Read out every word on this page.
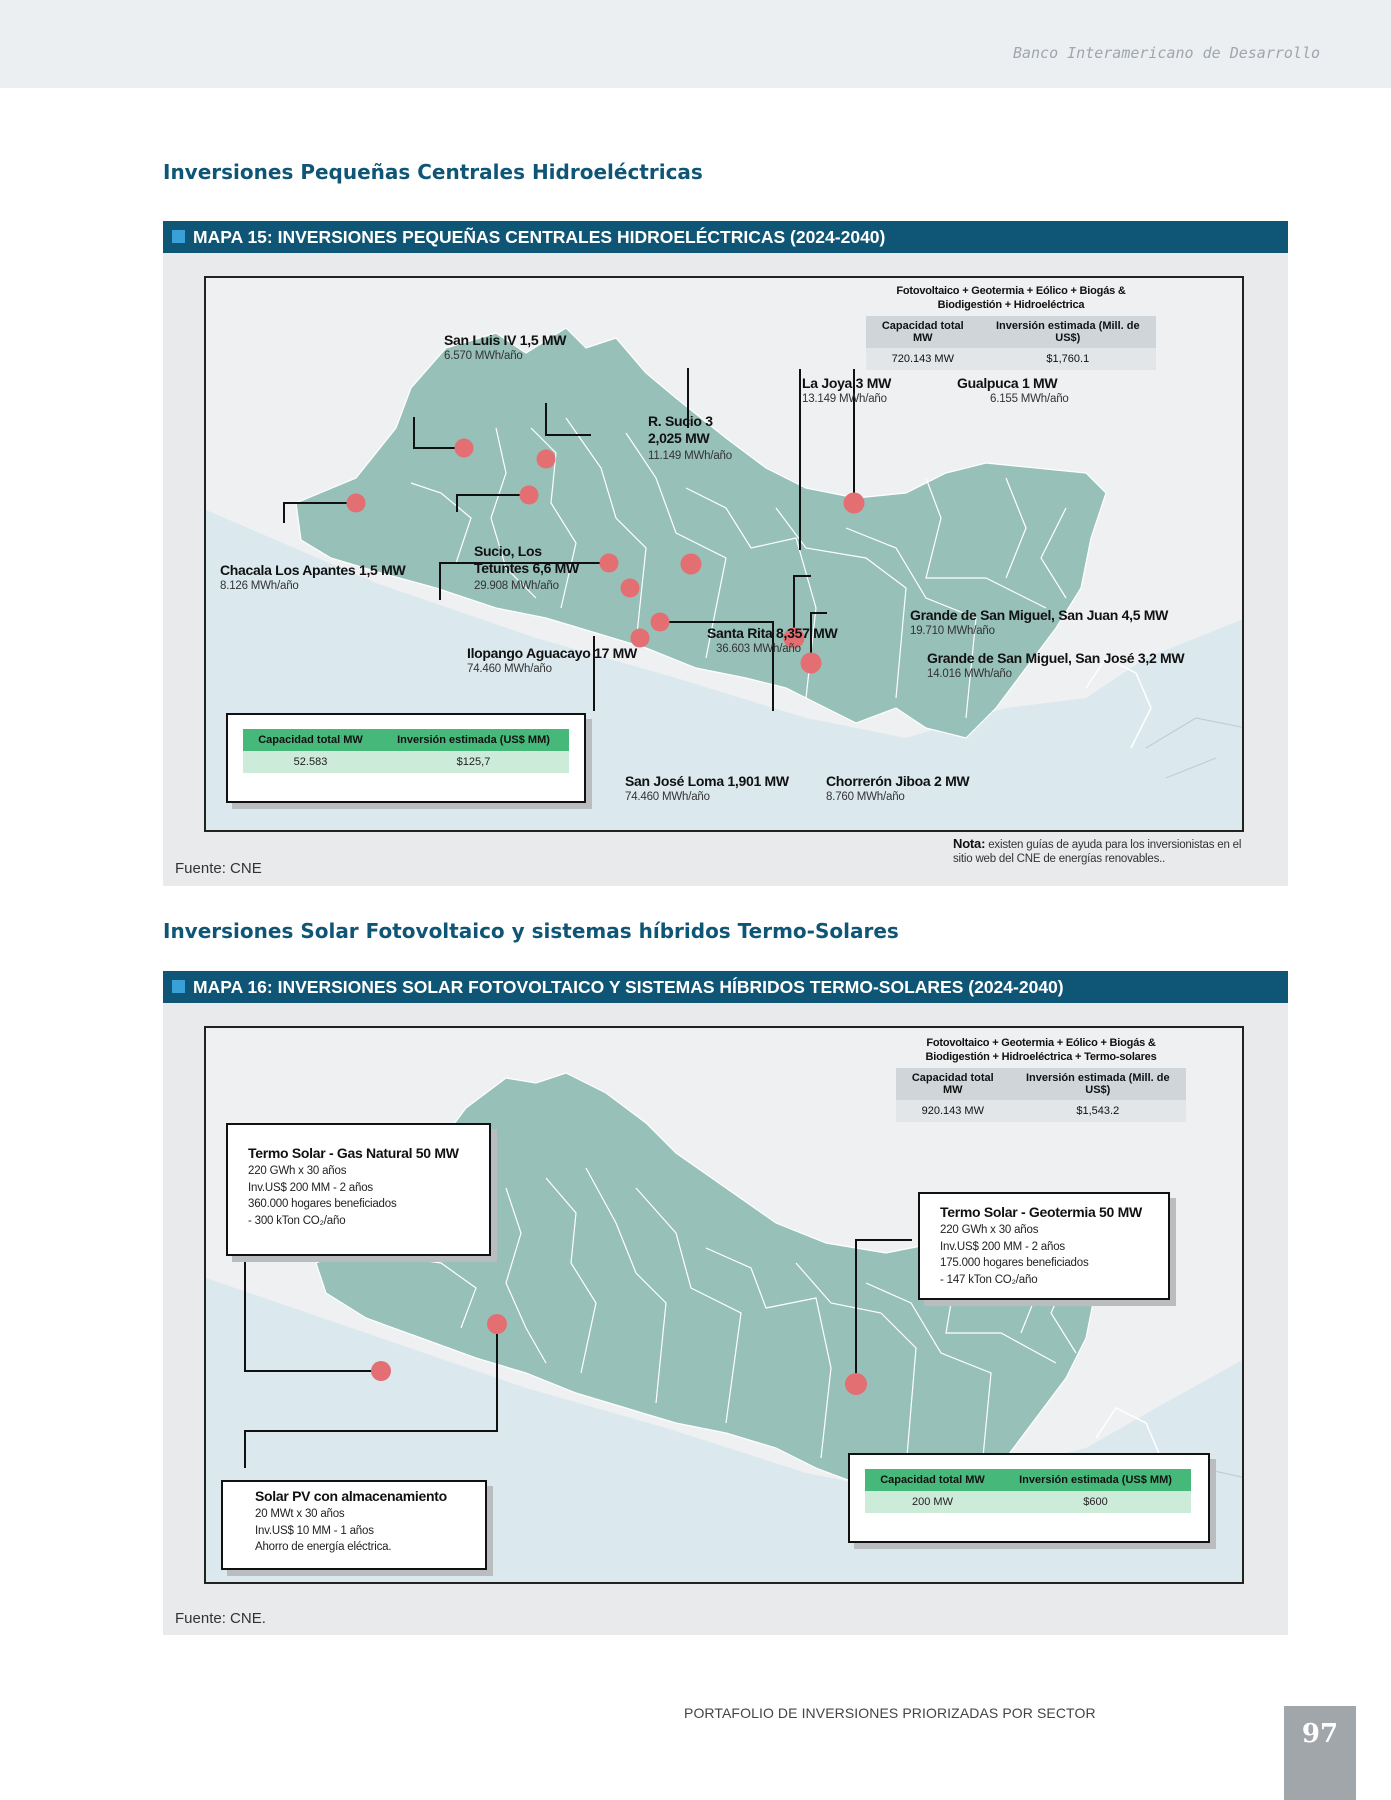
Banco Interamericano de Desarrollo
Inversiones Pequeñas Centrales Hidroeléctricas
MAPA 15: INVERSIONES PEQUEÑAS CENTRALES HIDROELÉCTRICAS (2024-2040)
Fotovoltaico + Geotermia + Eólico + Biogás & Biodigestión + Hidroeléctrica
Capacidad total MW	Inversión estimada (Mill. de US$)
720.143 MW	$1,760.1
San Luis IV 1,5 MW
6.570 MWh/año
La Joya 3 MW
13.149 MWh/año
Gualpuca 1 MW
6.155 MWh/año
R. Sucio 3 2,025 MW
11.149 MWh/año
Chacala Los Apantes 1,5 MW
8.126 MWh/año
Sucio, Los Tetuntes 6,6 MW
29.908 MWh/año
Grande de San Miguel, San Juan 4,5 MW
19.710 MWh/año
Santa Rita 8,357 MW
36.603 MWh/año
Ilopango Aguacayo 17 MW
74.460 MWh/año
Grande de San Miguel, San José 3,2 MW
14.016 MWh/año
San José Loma 1,901 MW
74.460 MWh/año
Chorrerón Jiboa 2 MW
8.760 MWh/año
Capacidad total MW	Inversión estimada (US$ MM)
52.583	$125,7
Nota: existen guías de ayuda para los inversionistas en el sitio web del CNE de energías renovables..
Fuente: CNE
Inversiones Solar Fotovoltaico y sistemas híbridos Termo-Solares
MAPA 16: INVERSIONES SOLAR FOTOVOLTAICO Y SISTEMAS HÍBRIDOS TERMO-SOLARES (2024-2040)
Fotovoltaico + Geotermia + Eólico + Biogás & Biodigestión + Hidroeléctrica + Termo-solares
Capacidad total MW	Inversión estimada (Mill. de US$)
920.143 MW	$1,543.2
Termo Solar - Gas Natural 50 MW
220 GWh x 30 años
Inv.US$ 200 MM - 2 años
360.000 hogares beneficiados
- 300 kTon CO₂/año
Termo Solar - Geotermia 50 MW
220 GWh x 30 años
Inv.US$ 200 MM - 2 años
175.000 hogares beneficiados
- 147 kTon CO₂/año
Solar PV con almacenamiento
20 MWt x 30 años
Inv.US$ 10 MM - 1 años
Ahorro de energía eléctrica.
Capacidad total MW	Inversión estimada (US$ MM)
200 MW	$600
Fuente: CNE.
PORTAFOLIO DE INVERSIONES PRIORIZADAS POR SECTOR
97
